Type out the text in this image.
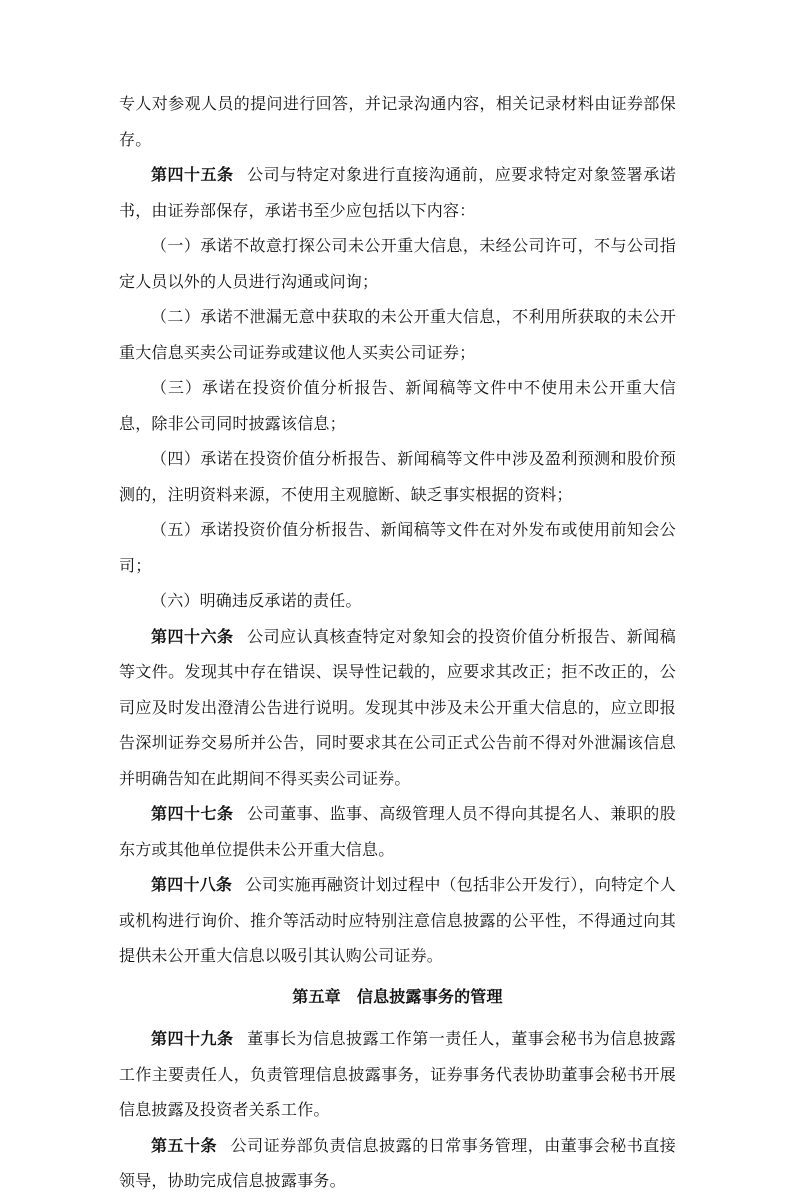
专人对参观人员的提问进行回答，并记录沟通内容，相关记录材料由证券部保存。

第四十五条 公司与特定对象进行直接沟通前，应要求特定对象签署承诺书，由证券部保存，承诺书至少应包括以下内容：

（一）承诺不故意打探公司未公开重大信息，未经公司许可，不与公司指定人员以外的人员进行沟通或问询；

（二）承诺不泄漏无意中获取的未公开重大信息，不利用所获取的未公开重大信息买卖公司证券或建议他人买卖公司证券；

（三）承诺在投资价值分析报告、新闻稿等文件中不使用未公开重大信息，除非公司同时披露该信息；

（四）承诺在投资价值分析报告、新闻稿等文件中涉及盈利预测和股价预测的，注明资料来源，不使用主观臆断、缺乏事实根据的资料；

（五）承诺投资价值分析报告、新闻稿等文件在对外发布或使用前知会公司；

（六）明确违反承诺的责任。

第四十六条 公司应认真核查特定对象知会的投资价值分析报告、新闻稿等文件。发现其中存在错误、误导性记载的，应要求其改正；拒不改正的，公司应及时发出澄清公告进行说明。发现其中涉及未公开重大信息的，应立即报告深圳证券交易所并公告，同时要求其在公司正式公告前不得对外泄漏该信息并明确告知在此期间不得买卖公司证券。

第四十七条 公司董事、监事、高级管理人员不得向其提名人、兼职的股东方或其他单位提供未公开重大信息。

第四十八条 公司实施再融资计划过程中（包括非公开发行），向特定个人或机构进行询价、推介等活动时应特别注意信息披露的公平性，不得通过向其提供未公开重大信息以吸引其认购公司证券。

第五章 信息披露事务的管理

第四十九条 董事长为信息披露工作第一责任人，董事会秘书为信息披露工作主要责任人，负责管理信息披露事务，证券事务代表协助董事会秘书开展信息披露及投资者关系工作。

第五十条 公司证券部负责信息披露的日常事务管理，由董事会秘书直接领导，协助完成信息披露事务。
